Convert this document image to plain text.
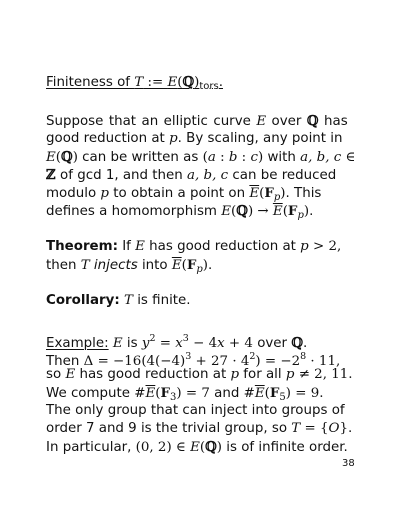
Finiteness of T := $E(ℚ)_{tors}$.
Suppose that an elliptic curve E over ℚ has
good reduction at p. By scaling, any point in
E(ℚ) can be written as (a : b : c) with a, b, c ∈
ℤ of gcd 1, and then a, b, c can be reduced
modulo p to obtain a point on $\overline{E}(F_p)$. This
defines a homomorphism E(ℚ) → $\overline{E}(F_p)$.
Theorem: If E has good reduction at p > 2,
then T injects into $\overline{E}(F_p)$.
Corollary: T is finite.
Example: E is $y^2 = x^3 - 4x + 4$ over ℚ.
Then $\Delta = -16(4(-4)^3 + 27 \cdot 4^2) = -2^8 \cdot 11$,
so E has good reduction at p for all p ≠ 2, 11.
We compute $\#\overline{E}(F_3) = 7$ and $\#\overline{E}(F_5) = 9$.
The only group that can inject into groups of
order 7 and 9 is the trivial group, so T = {O}.
In particular, (0, 2) ∈ E(ℚ) is of infinite order.
38
